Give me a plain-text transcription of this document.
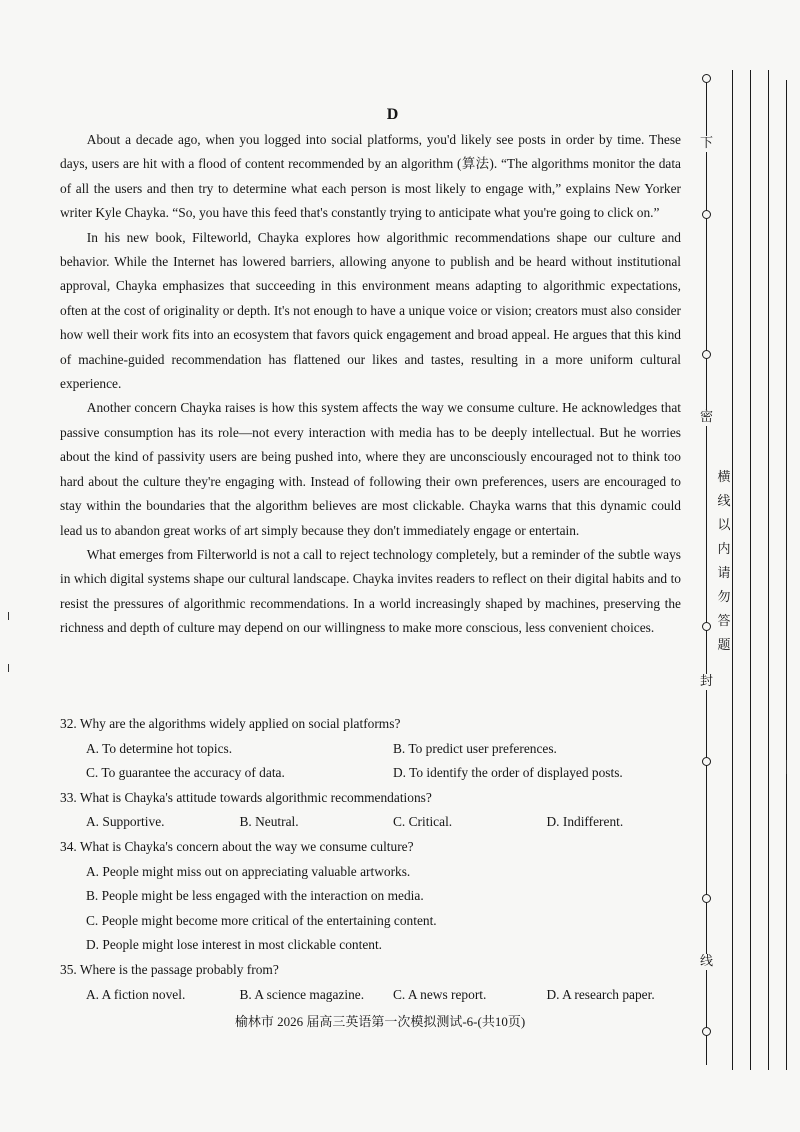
D

About a decade ago, when you logged into social platforms, you'd likely see posts in order by time. These days, users are hit with a flood of content recommended by an algorithm (算法). “The algorithms monitor the data of all the users and then try to determine what each person is most likely to engage with,” explains New Yorker writer Kyle Chayka. “So, you have this feed that's constantly trying to anticipate what you're going to click on.”

In his new book, Filteworld, Chayka explores how algorithmic recommendations shape our culture and behavior. While the Internet has lowered barriers, allowing anyone to publish and be heard without institutional approval, Chayka emphasizes that succeeding in this environment means adapting to algorithmic expectations, often at the cost of originality or depth. It's not enough to have a unique voice or vision; creators must also consider how well their work fits into an ecosystem that favors quick engagement and broad appeal. He argues that this kind of machine-guided recommendation has flattened our likes and tastes, resulting in a more uniform cultural experience.

Another concern Chayka raises is how this system affects the way we consume culture. He acknowledges that passive consumption has its role—not every interaction with media has to be deeply intellectual. But he worries about the kind of passivity users are being pushed into, where they are unconsciously encouraged not to think too hard about the culture they're engaging with. Instead of following their own preferences, users are encouraged to stay within the boundaries that the algorithm believes are most clickable. Chayka warns that this dynamic could lead us to abandon great works of art simply because they don't immediately engage or entertain.

What emerges from Filterworld is not a call to reject technology completely, but a reminder of the subtle ways in which digital systems shape our cultural landscape. Chayka invites readers to reflect on their digital habits and to resist the pressures of algorithmic recommendations. In a world increasingly shaped by machines, preserving the richness and depth of culture may depend on our willingness to make more conscious, less convenient choices.

32. Why are the algorithms widely applied on social platforms?

A. To determine hot topics.	B. To predict user preferences.
C. To guarantee the accuracy of data.	D. To identify the order of displayed posts.

33. What is Chayka's attitude towards algorithmic recommendations?

A. Supportive.	B. Neutral.	C. Critical.	D. Indifferent.

34. What is Chayka's concern about the way we consume culture?

A. People might miss out on appreciating valuable artworks.
B. People might be less engaged with the interaction on media.
C. People might become more critical of the entertaining content.
D. People might lose interest in most clickable content.

35. Where is the passage probably from?

A. A fiction novel.	B. A science magazine.	C. A news report.	D. A research paper.
榆林市 2026 届高三英语第一次模拟测试-6-(共10页)
下
密
封
线
横线以内请勿答题
